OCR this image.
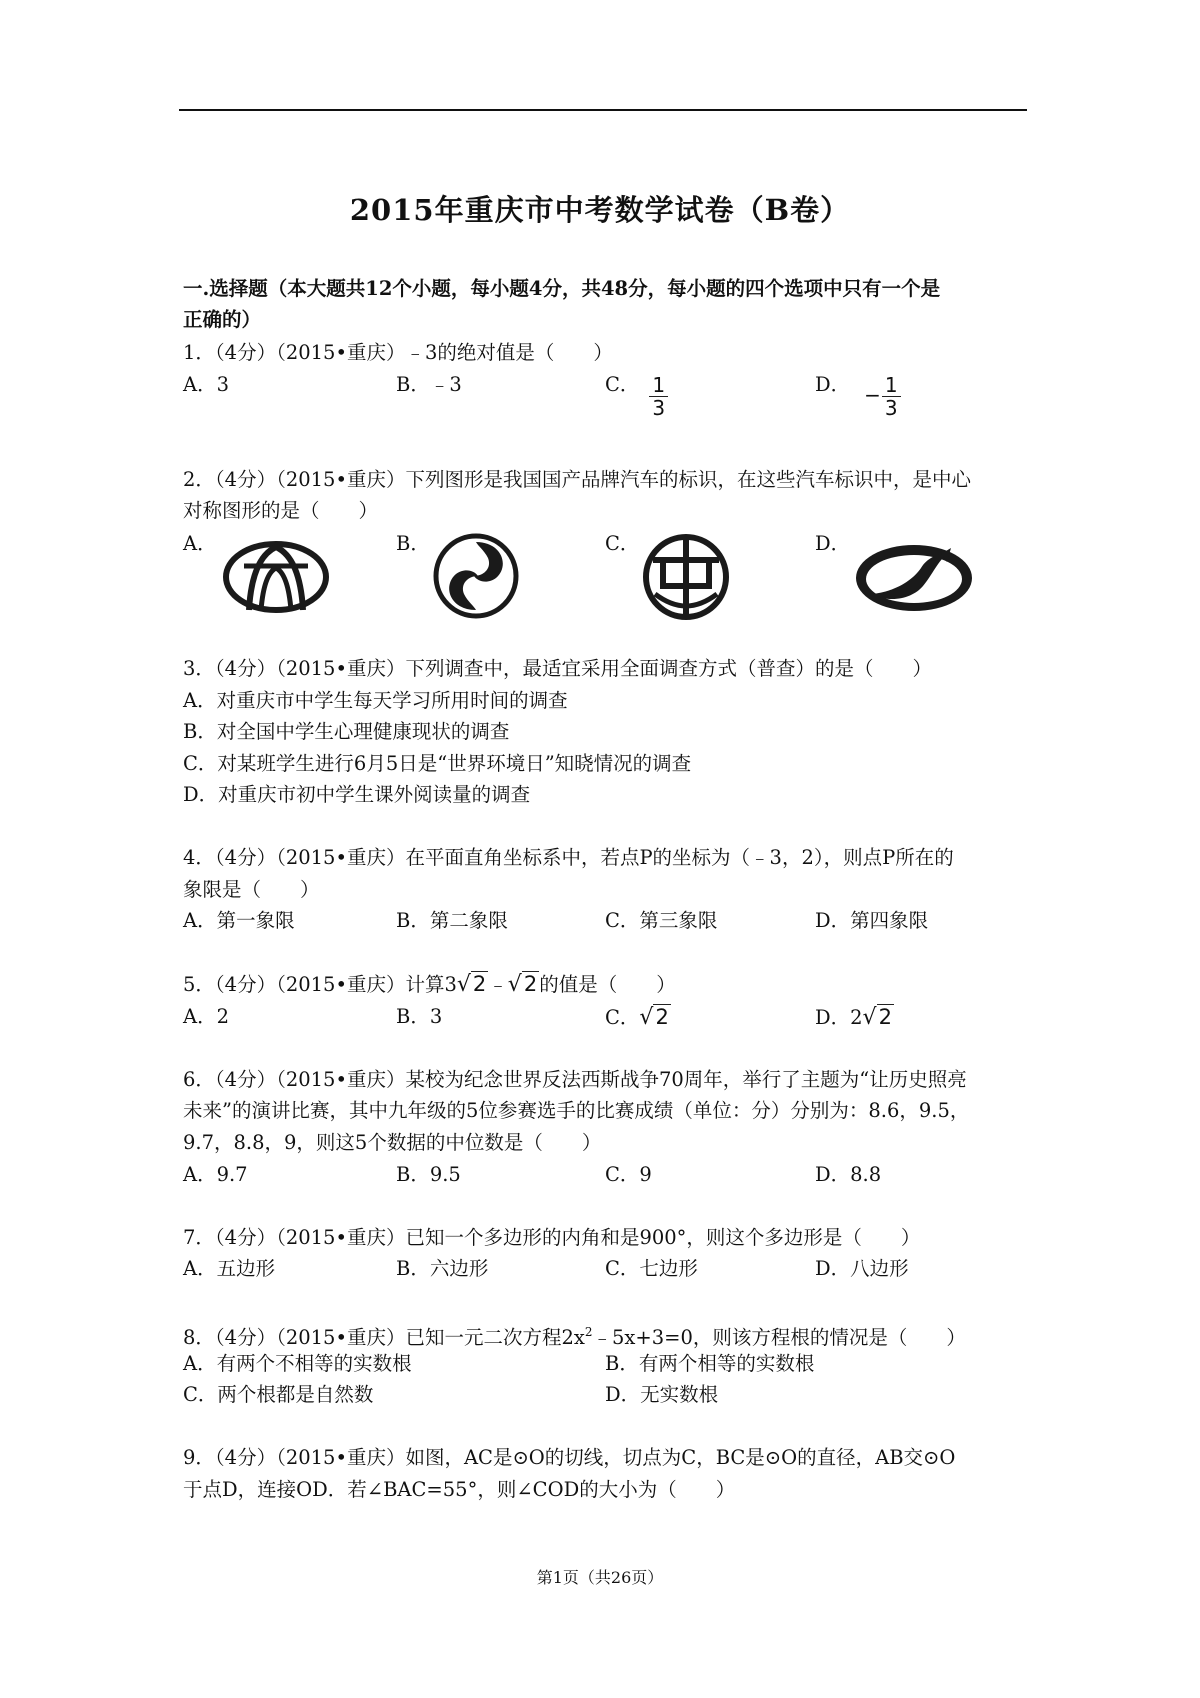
2015年重庆市中考数学试卷（B卷）
一.选择题（本大题共12个小题，每小题4分，共48分，每小题的四个选项中只有一个是
正确的）
1．（4分）（2015•重庆）﹣3的绝对值是（　　）
A．3	B．﹣3	C． $\frac{1}{3}$	D． − $\frac{1}{3}$
2．（4分）（2015•重庆）下列图形是我国国产品牌汽车的标识，在这些汽车标识中，是中心
对称图形的是（　　）
A．	B．	C．	D．
3．（4分）（2015•重庆）下列调查中，最适宜采用全面调查方式（普查）的是（　　）
A．对重庆市中学生每天学习所用时间的调查
B．对全国中学生心理健康现状的调查
C．对某班学生进行6月5日是“世界环境日”知晓情况的调查
D．对重庆市初中学生课外阅读量的调查
4．（4分）（2015•重庆）在平面直角坐标系中，若点P的坐标为（﹣3，2），则点P所在的
象限是（　　）
A．第一象限	B．第二象限	C．第三象限	D．第四象限
5．（4分）（2015•重庆）计算3√2 ﹣√2 的值是（　　）
A．2	B．3	C．√2	D．2√2
6．（4分）（2015•重庆）某校为纪念世界反法西斯战争70周年，举行了主题为“让历史照亮
未来”的演讲比赛，其中九年级的5位参赛选手的比赛成绩（单位：分）分别为：8.6，9.5，
9.7，8.8，9，则这5个数据的中位数是（　　）
A．9.7	B．9.5	C．9	D．8.8
7．（4分）（2015•重庆）已知一个多边形的内角和是900°，则这个多边形是（　　）
A．五边形	B．六边形	C．七边形	D．八边形
8．（4分）（2015•重庆）已知一元二次方程$2x^2﹣5x+3=0$，则该方程根的情况是（　　）
A．有两个不相等的实数根	B．有两个相等的实数根
C．两个根都是自然数	D．无实数根
9．（4分）（2015•重庆）如图，AC是⊙O的切线，切点为C，BC是⊙O的直径，AB交⊙O
于点D，连接OD．若∠BAC=55°，则∠COD的大小为（　　）
第1页（共26页）
